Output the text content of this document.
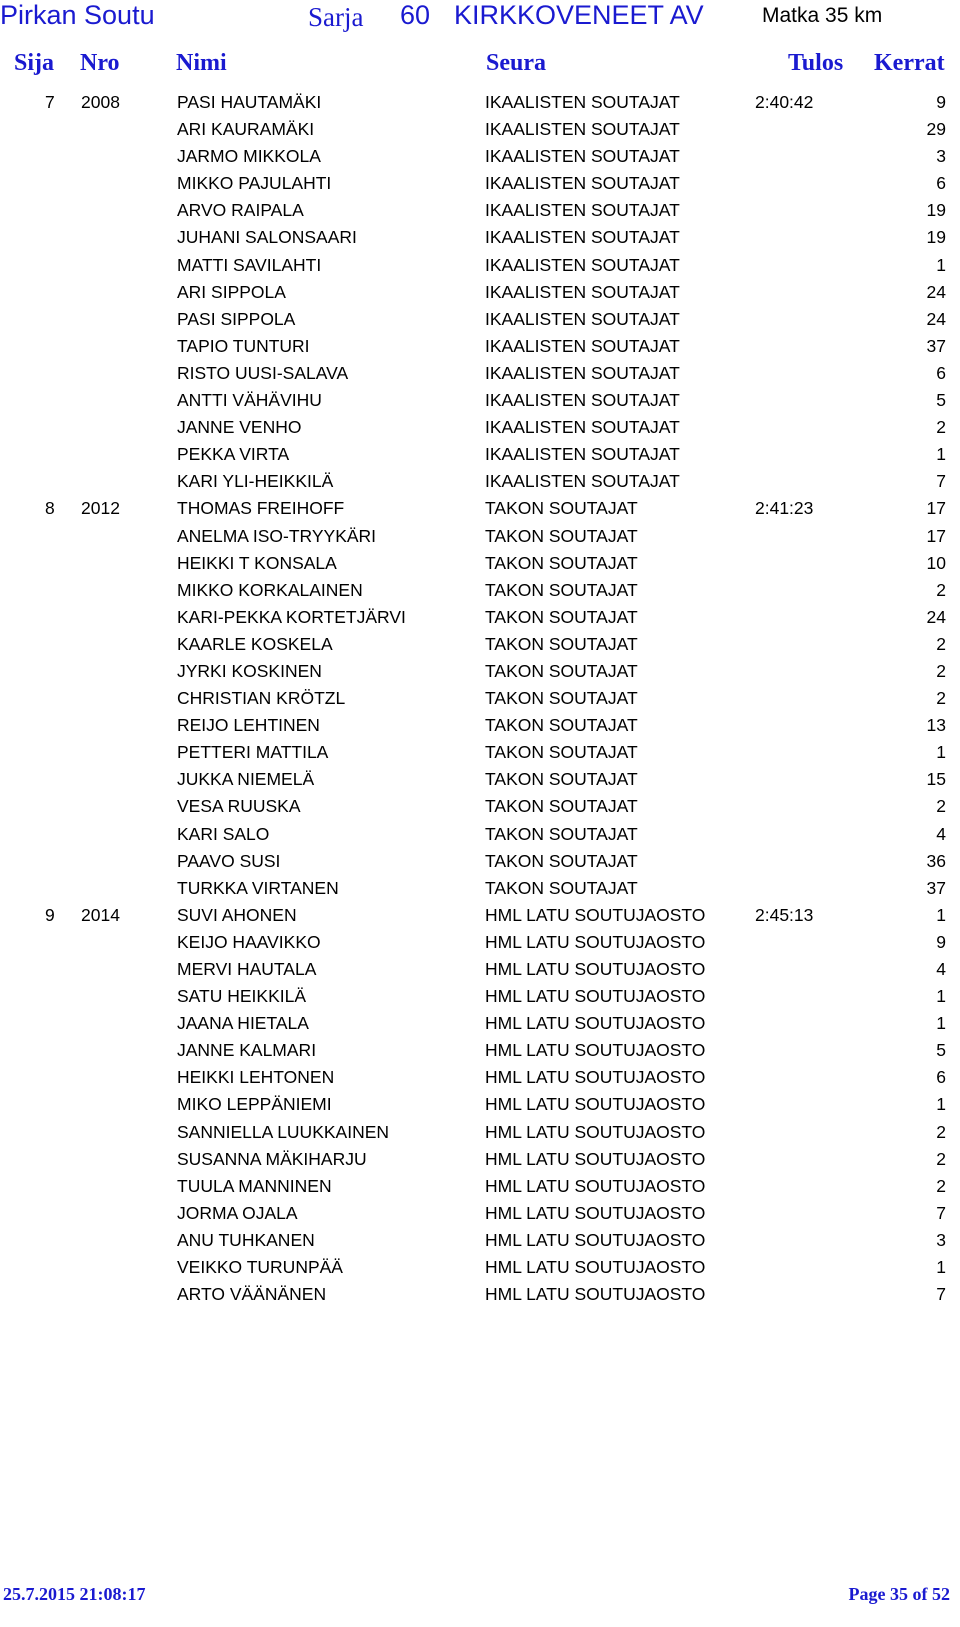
Pirkan Soutu	Sarja 60 KIRKKOVENEET AV	Matka 35 km
Sija Nro Nimi	Seura	Tulos Kerrat
7 2008	PASI HAUTAMÄKI	IKAALISTEN SOUTAJAT	2:40:42	9
ARI KAURAMÄKI	IKAALISTEN SOUTAJAT	29
JARMO MIKKOLA	IKAALISTEN SOUTAJAT	3
MIKKO PAJULAHTI	IKAALISTEN SOUTAJAT	6
ARVO RAIPALA	IKAALISTEN SOUTAJAT	19
JUHANI SALONSAARI	IKAALISTEN SOUTAJAT	19
MATTI SAVILAHTI	IKAALISTEN SOUTAJAT	1
ARI SIPPOLA	IKAALISTEN SOUTAJAT	24
PASI SIPPOLA	IKAALISTEN SOUTAJAT	24
TAPIO TUNTURI	IKAALISTEN SOUTAJAT	37
RISTO UUSI-SALAVA	IKAALISTEN SOUTAJAT	6
ANTTI VÄHÄVIHU	IKAALISTEN SOUTAJAT	5
JANNE VENHO	IKAALISTEN SOUTAJAT	2
PEKKA VIRTA	IKAALISTEN SOUTAJAT	1
KARI YLI-HEIKKILÄ	IKAALISTEN SOUTAJAT	7
8 2012	THOMAS FREIHOFF	TAKON SOUTAJAT	2:41:23	17
ANELMA ISO-TRYYKÄRI	TAKON SOUTAJAT	17
HEIKKI T KONSALA	TAKON SOUTAJAT	10
MIKKO KORKALAINEN	TAKON SOUTAJAT	2
KARI-PEKKA KORTETJÄRVI	TAKON SOUTAJAT	24
KAARLE KOSKELA	TAKON SOUTAJAT	2
JYRKI KOSKINEN	TAKON SOUTAJAT	2
CHRISTIAN KRÖTZL	TAKON SOUTAJAT	2
REIJO LEHTINEN	TAKON SOUTAJAT	13
PETTERI MATTILA	TAKON SOUTAJAT	1
JUKKA NIEMELÄ	TAKON SOUTAJAT	15
VESA RUUSKA	TAKON SOUTAJAT	2
KARI SALO	TAKON SOUTAJAT	4
PAAVO SUSI	TAKON SOUTAJAT	36
TURKKA VIRTANEN	TAKON SOUTAJAT	37
9 2014	SUVI AHONEN	HML LATU SOUTUJAOSTO	2:45:13	1
KEIJO HAAVIKKO	HML LATU SOUTUJAOSTO	9
MERVI HAUTALA	HML LATU SOUTUJAOSTO	4
SATU HEIKKILÄ	HML LATU SOUTUJAOSTO	1
JAANA HIETALA	HML LATU SOUTUJAOSTO	1
JANNE KALMARI	HML LATU SOUTUJAOSTO	5
HEIKKI LEHTONEN	HML LATU SOUTUJAOSTO	6
MIKO LEPPÄNIEMI	HML LATU SOUTUJAOSTO	1
SANNIELLA LUUKKAINEN	HML LATU SOUTUJAOSTO	2
SUSANNA MÄKIHARJU	HML LATU SOUTUJAOSTO	2
TUULA MANNINEN	HML LATU SOUTUJAOSTO	2
JORMA OJALA	HML LATU SOUTUJAOSTO	7
ANU TUHKANEN	HML LATU SOUTUJAOSTO	3
VEIKKO TURUNPÄÄ	HML LATU SOUTUJAOSTO	1
ARTO VÄÄNÄNEN	HML LATU SOUTUJAOSTO	7
25.7.2015 21:08:17	Page 35 of 52
